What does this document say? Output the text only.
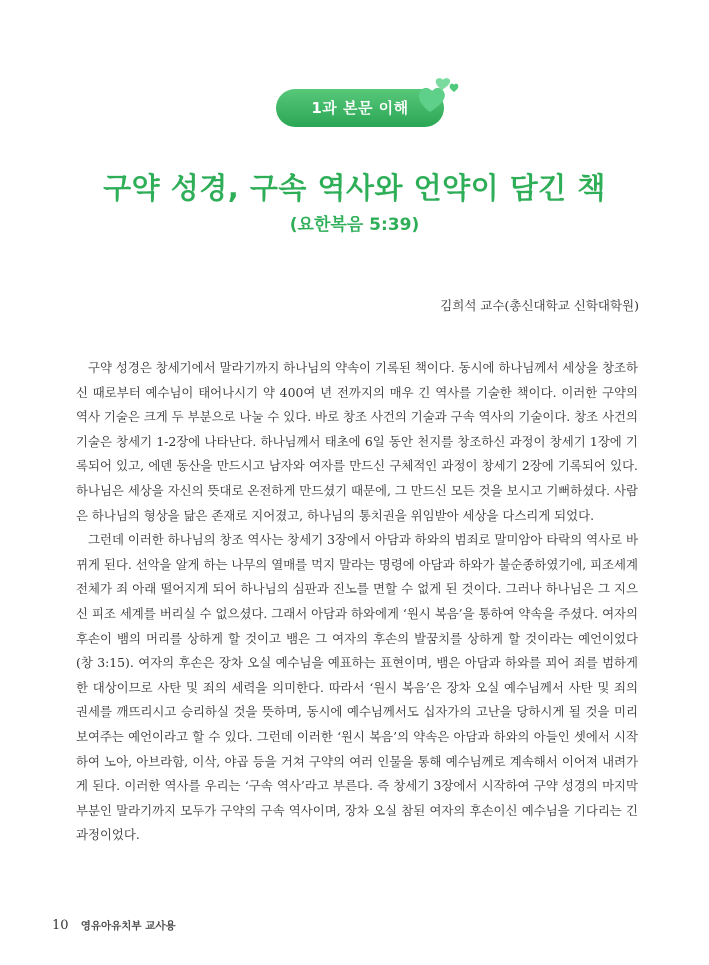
1과 본문 이해
구약 성경, 구속 역사와 언약이 담긴 책
(요한복음 5:39)
김희석 교수(총신대학교 신학대학원)

구약 성경은 창세기에서 말라기까지 하나님의 약속이 기록된 책이다. 동시에 하나님께서 세상을 창조하신 때로부터 예수님이 태어나시기 약 400여 년 전까지의 매우 긴 역사를 기술한 책이다. 이러한 구약의 역사 기술은 크게 두 부분으로 나눌 수 있다. 바로 창조 사건의 기술과 구속 역사의 기술이다. 창조 사건의 기술은 창세기 1-2장에 나타난다. 하나님께서 태초에 6일 동안 천지를 창조하신 과정이 창세기 1장에 기록되어 있고, 에덴 동산을 만드시고 남자와 여자를 만드신 구체적인 과정이 창세기 2장에 기록되어 있다. 하나님은 세상을 자신의 뜻대로 온전하게 만드셨기 때문에, 그 만드신 모든 것을 보시고 기뻐하셨다. 사람은 하나님의 형상을 닮은 존재로 지어졌고, 하나님의 통치권을 위임받아 세상을 다스리게 되었다.

그런데 이러한 하나님의 창조 역사는 창세기 3장에서 아담과 하와의 범죄로 말미암아 타락의 역사로 바뀌게 된다. 선악을 알게 하는 나무의 열매를 먹지 말라는 명령에 아담과 하와가 불순종하였기에, 피조세계 전체가 죄 아래 떨어지게 되어 하나님의 심판과 진노를 면할 수 없게 된 것이다. 그러나 하나님은 그 지으신 피조 세계를 버리실 수 없으셨다. 그래서 아담과 하와에게 ‘원시 복음’을 통하여 약속을 주셨다. 여자의 후손이 뱀의 머리를 상하게 할 것이고 뱀은 그 여자의 후손의 발꿈치를 상하게 할 것이라는 예언이었다(창 3:15). 여자의 후손은 장차 오실 예수님을 예표하는 표현이며, 뱀은 아담과 하와를 꾀어 죄를 범하게 한 대상이므로 사탄 및 죄의 세력을 의미한다. 따라서 ‘원시 복음’은 장차 오실 예수님께서 사탄 및 죄의 권세를 깨뜨리시고 승리하실 것을 뜻하며, 동시에 예수님께서도 십자가의 고난을 당하시게 될 것을 미리 보여주는 예언이라고 할 수 있다. 그런데 이러한 ‘원시 복음’의 약속은 아담과 하와의 아들인 셋에서 시작하여 노아, 아브라함, 이삭, 야곱 등을 거쳐 구약의 여러 인물을 통해 예수님께로 계속해서 이어져 내려가게 된다. 이러한 역사를 우리는 ‘구속 역사’라고 부른다. 즉 창세기 3장에서 시작하여 구약 성경의 마지막 부분인 말라기까지 모두가 구약의 구속 역사이며, 장차 오실 참된 여자의 후손이신 예수님을 기다리는 긴 과정이었다.

10 영유아유치부 교사용
